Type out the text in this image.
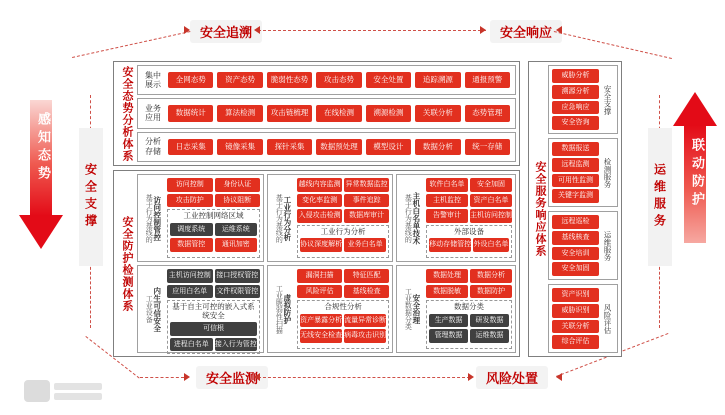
安全追溯	安全响应
安全监测	风险处置
感知态势
安全支撑	联动防护
运维服务
安全态势分析体系 集中展示
全网态势	资产态势	脆弱性态势	攻击态势	安全处置	追踪溯源	通报预警
业务应用
数据统计	算法检测	攻击链梳理	在线检测	溯源检测	关联分析	态势管理
分析存储
日志采集	镜像采集	探针采集	数据预处理	模型设计	数据分析	统一存储
安全防护检测体系 基于行为基线的 访问控制管控
访问控制	身份认证
攻击防护	协议阻断
工业控制网络区域
调度系统	运维系统
数据管控	通讯加密
基于行为基线的 工业行为分析
越线内容监测 异常数据监控
变化率监测	事件追踪
入侵攻击检测	数据库审计
工业行为分析
协议深度解析 业务白名单
基于行为基线的 主机白名单技术
软件白名单	安全加固
主机监控	资产白名单
告警审计	主机访问控制
外部设备
移动存储管控 外设白名单
工业设备 内生可信安全
主机访问控制 接口授权管控
应用白名单	文件权限管控
基于自主可控的嵌入式系统安全
可信根
进程白名单 接入行为管控
工业脆弱性扫描 虚拟防护
漏洞扫描	特征匹配
风险评估	基线检查
合规性分析
资产暴露分析 流量异常诊断
无线安全检查 病毒攻击识别
工业数据分类 安全治理
数据处理	数据分析
数据脱敏	数据防护
数据分类
生产数据	研发数据
管理数据	运维数据
安全服务响应体系
威胁分析
溯源分析
应急响应
安全咨询
安全支撑
数据报送
远程监测
可用性监测
关键字监测
检测服务
远程巡检
基线核查
安全培训
安全加固
运维服务
资产识别
威胁识别
关联分析
综合评估
风险评估
